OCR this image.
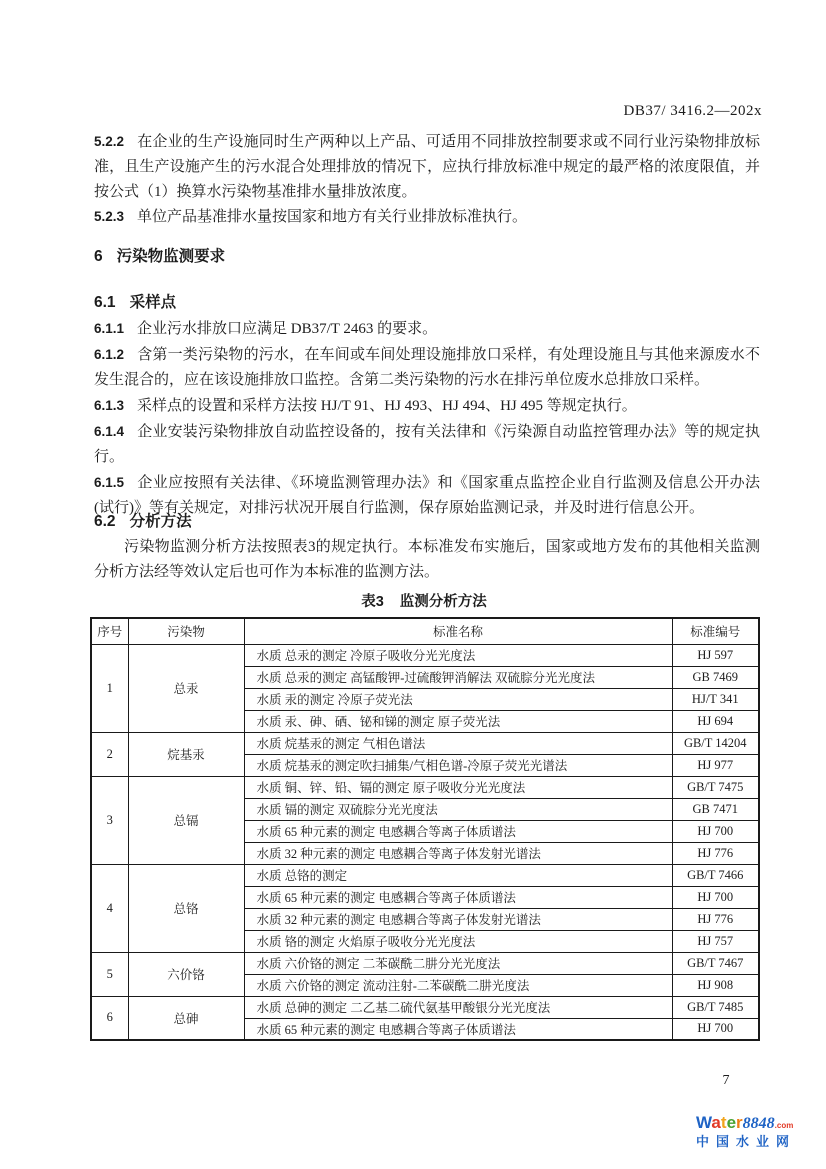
DB37/ 3416.2—202x

5.2.2 在企业的生产设施同时生产两种以上产品、可适用不同排放控制要求或不同行业污染物排放标准，且生产设施产生的污水混合处理排放的情况下，应执行排放标准中规定的最严格的浓度限值，并按公式（1）换算水污染物基准排水量排放浓度。

5.2.3 单位产品基准排水量按国家和地方有关行业排放标准执行。

6 污染物监测要求
6.1 采样点

6.1.1 企业污水排放口应满足 DB37/T 2463 的要求。

6.1.2 含第一类污染物的污水，在车间或车间处理设施排放口采样，有处理设施且与其他来源废水不发生混合的，应在该设施排放口监控。含第二类污染物的污水在排污单位废水总排放口采样。

6.1.3 采样点的设置和采样方法按 HJ/T 91、HJ 493、HJ 494、HJ 495 等规定执行。

6.1.4 企业安装污染物排放自动监控设备的，按有关法律和《污染源自动监控管理办法》等的规定执行。

6.1.5 企业应按照有关法律、《环境监测管理办法》和《国家重点监控企业自行监测及信息公开办法(试行)》等有关规定，对排污状况开展自行监测，保存原始监测记录，并及时进行信息公开。

6.2 分析方法

污染物监测分析方法按照表3的规定执行。本标准发布实施后，国家或地方发布的其他相关监测分析方法经等效认定后也可作为本标准的监测方法。

表3 监测分析方法

序号	污染物	标准名称	标准编号
1	总汞	水质 总汞的测定 冷原子吸收分光光度法	HJ 597
		水质 总汞的测定 高锰酸钾-过硫酸钾消解法 双硫腙分光光度法	GB 7469
		水质 汞的测定 冷原子荧光法	HJ/T 341
		水质 汞、砷、硒、铋和锑的测定 原子荧光法	HJ 694
2	烷基汞	水质 烷基汞的测定 气相色谱法	GB/T 14204
		水质 烷基汞的测定吹扫捕集/气相色谱-冷原子荧光光谱法	HJ 977
3	总镉	水质 铜、锌、铅、镉的测定 原子吸收分光光度法	GB/T 7475
		水质 镉的测定 双硫腙分光光度法	GB 7471
		水质 65 种元素的测定 电感耦合等离子体质谱法	HJ 700
		水质 32 种元素的测定 电感耦合等离子体发射光谱法	HJ 776
4	总铬	水质 总铬的测定	GB/T 7466
		水质 65 种元素的测定 电感耦合等离子体质谱法	HJ 700
		水质 32 种元素的测定 电感耦合等离子体发射光谱法	HJ 776
		水质 铬的测定 火焰原子吸收分光光度法	HJ 757
5	六价铬	水质 六价铬的测定 二苯碳酰二肼分光光度法	GB/T 7467
		水质 六价铬的测定 流动注射-二苯碳酰二肼光度法	HJ 908
6	总砷	水质 总砷的测定 二乙基二硫代氨基甲酸银分光光度法	GB/T 7485
		水质 65 种元素的测定 电感耦合等离子体质谱法	HJ 700
7
Water8848.com
中国水业网
